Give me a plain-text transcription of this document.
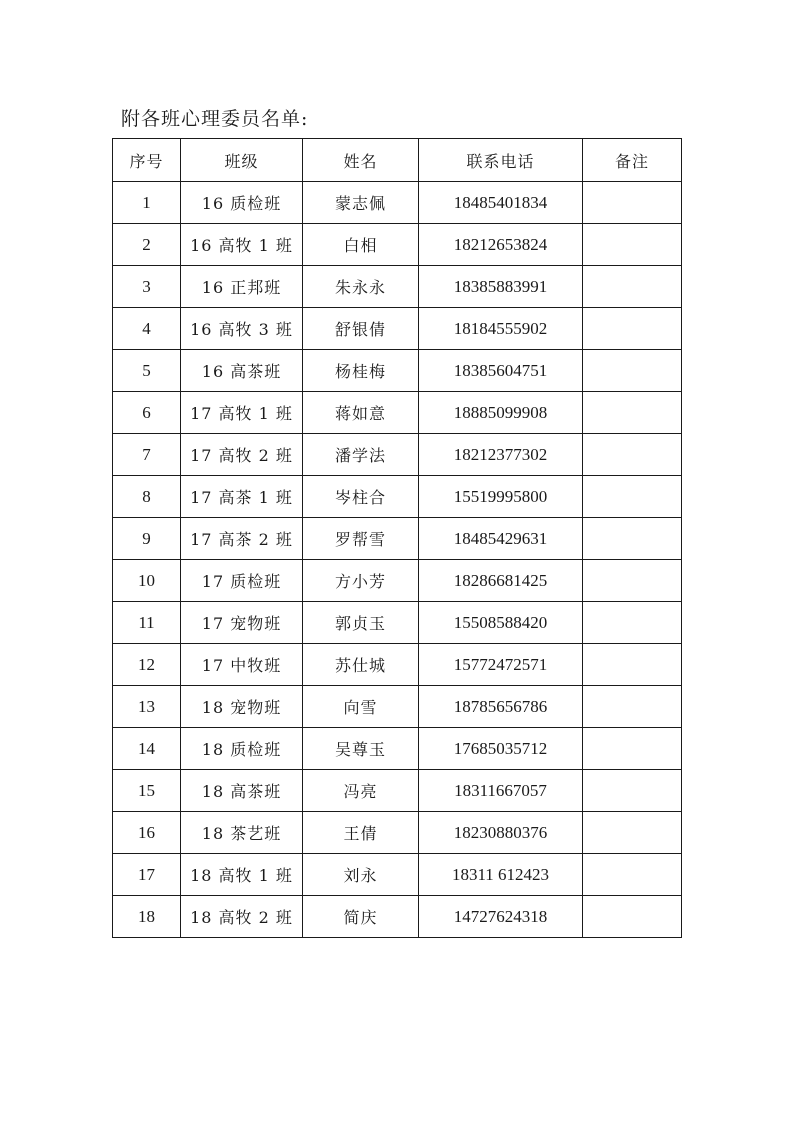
附各班心理委员名单:
序号	班级	姓名	联系电话	备注
1	16 质检班	蒙志佩	18485401834	
2	16 高牧 1 班	白相	18212653824	
3	16 正邦班	朱永永	18385883991	
4	16 高牧 3 班	舒银倩	18184555902	
5	16 高茶班	杨桂梅	18385604751	
6	17 高牧 1 班	蒋如意	18885099908	
7	17 高牧 2 班	潘学法	18212377302	
8	17 高茶 1 班	岑柱合	15519995800	
9	17 高茶 2 班	罗帮雪	18485429631	
10	17 质检班	方小芳	18286681425	
11	17 宠物班	郭贞玉	15508588420	
12	17 中牧班	苏仕城	15772472571	
13	18 宠物班	向雪	18785656786	
14	18 质检班	吴尊玉	17685035712	
15	18 高茶班	冯亮	18311667057	
16	18 茶艺班	王倩	18230880376	
17	18 高牧 1 班	刘永	18311 612423	
18	18 高牧 2 班	简庆	14727624318	
